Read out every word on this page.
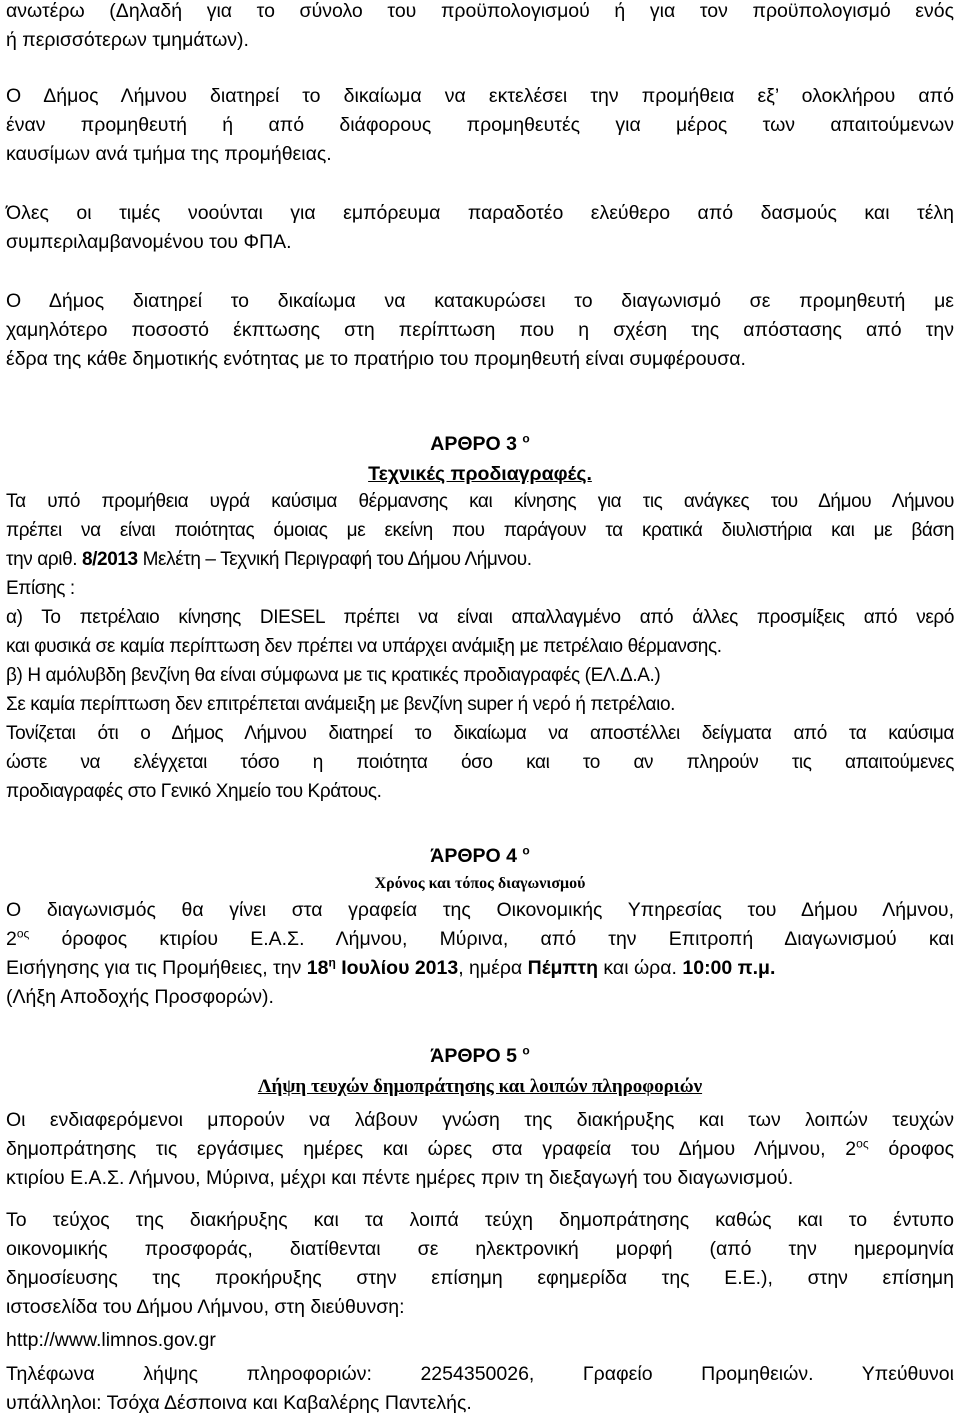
ανωτέρω (Δηλαδή για το σύνολο του προϋπολογισμού ή για τον προϋπολογισμό ενός
ή περισσότερων τμημάτων).
Ο Δήμος Λήμνου διατηρεί το δικαίωμα να εκτελέσει την προμήθεια εξ’ ολοκλήρου από
έναν προμηθευτή ή από διάφορους προμηθευτές για μέρος των απαιτούμενων
καυσίμων ανά τμήμα της προμήθειας.
Όλες οι τιμές νοούνται για εμπόρευμα παραδοτέο ελεύθερο από δασμούς και τέλη
συμπεριλαμβανομένου του ΦΠΑ.
Ο Δήμος διατηρεί το δικαίωμα να κατακυρώσει το διαγωνισμό σε προμηθευτή με
χαμηλότερο ποσοστό έκπτωσης στη περίπτωση που η σχέση της απόστασης από την
έδρα της κάθε δημοτικής ενότητας με το πρατήριο του προμηθευτή είναι συμφέρουσα.
ΑΡΘΡΟ 3 $^o$
Τεχνικές προδιαγραφές.
Τα υπό προμήθεια υγρά καύσιμα θέρμανσης και κίνησης για τις ανάγκες του Δήμου Λήμνου
πρέπει να είναι ποιότητας όμοιας με εκείνη που παράγουν τα κρατικά διυλιστήρια και με βάση
την αριθ. 8/2013 Μελέτη – Τεχνική Περιγραφή του Δήμου Λήμνου.
Επίσης :
α) Το πετρέλαιο κίνησης DIESEL πρέπει να είναι απαλλαγμένο από άλλες προσμίξεις από νερό
και φυσικά σε καμία περίπτωση δεν πρέπει να υπάρχει ανάμιξη με πετρέλαιο θέρμανσης.
β) Η αμόλυβδη βενζίνη θα είναι σύμφωνα με τις κρατικές προδιαγραφές (ΕΛ.Δ.Α.)
Σε καμία περίπτωση δεν επιτρέπεται ανάμειξη με βενζίνη super ή νερό ή πετρέλαιο.
Τονίζεται ότι ο Δήμος Λήμνου διατηρεί το δικαίωμα να αποστέλλει δείγματα από τα καύσιμα
ώστε να ελέγχεται τόσο η ποιότητα όσο και το αν πληρούν τις απαιτούμενες
προδιαγραφές στο Γενικό Χημείο του Κράτους.
ΆΡΘΡΟ 4 $^o$
Χρόνος και τόπος διαγωνισμού
Ο διαγωνισμός θα γίνει στα γραφεία της Οικονομικής Υπηρεσίας του Δήμου Λήμνου,
$2^{o\varsigma}$ όροφος κτιρίου Ε.Α.Σ. Λήμνου, Μύρινα, από την Επιτροπή Διαγωνισμού και
Εισήγησης για τις Προμήθειες, την $18^\eta$ Ιουλίου 2013, ημέρα Πέμπτη και ώρα. 10:00 π.μ.
(Λήξη Αποδοχής Προσφορών).
ΆΡΘΡΟ 5 $^o$
Λήψη τευχών δημοπράτησης και λοιπών πληροφοριών
Οι ενδιαφερόμενοι μπορούν να λάβουν γνώση της διακήρυξης και των λοιπών τευχών
δημοπράτησης τις εργάσιμες ημέρες και ώρες στα γραφεία του Δήμου Λήμνου, $2^{o\varsigma}$ όροφος
κτιρίου Ε.Α.Σ. Λήμνου, Μύρινα, μέχρι και πέντε ημέρες πριν τη διεξαγωγή του διαγωνισμού.
Το τεύχος της διακήρυξης και τα λοιπά τεύχη δημοπράτησης καθώς και το έντυπο
οικονομικής προσφοράς, διατίθενται σε ηλεκτρονική μορφή (από την ημερομηνία
δημοσίευσης της προκήρυξης στην επίσημη εφημερίδα της Ε.Ε.), στην επίσημη
ιστοσελίδα του Δήμου Λήμνου, στη διεύθυνση:
http://www.limnos.gov.gr
Τηλέφωνα λήψης πληροφοριών: 2254350026, Γραφείο Προμηθειών. Υπεύθυνοι
υπάλληλοι: Τσόχα Δέσποινα και Καβαλέρης Παντελής.
